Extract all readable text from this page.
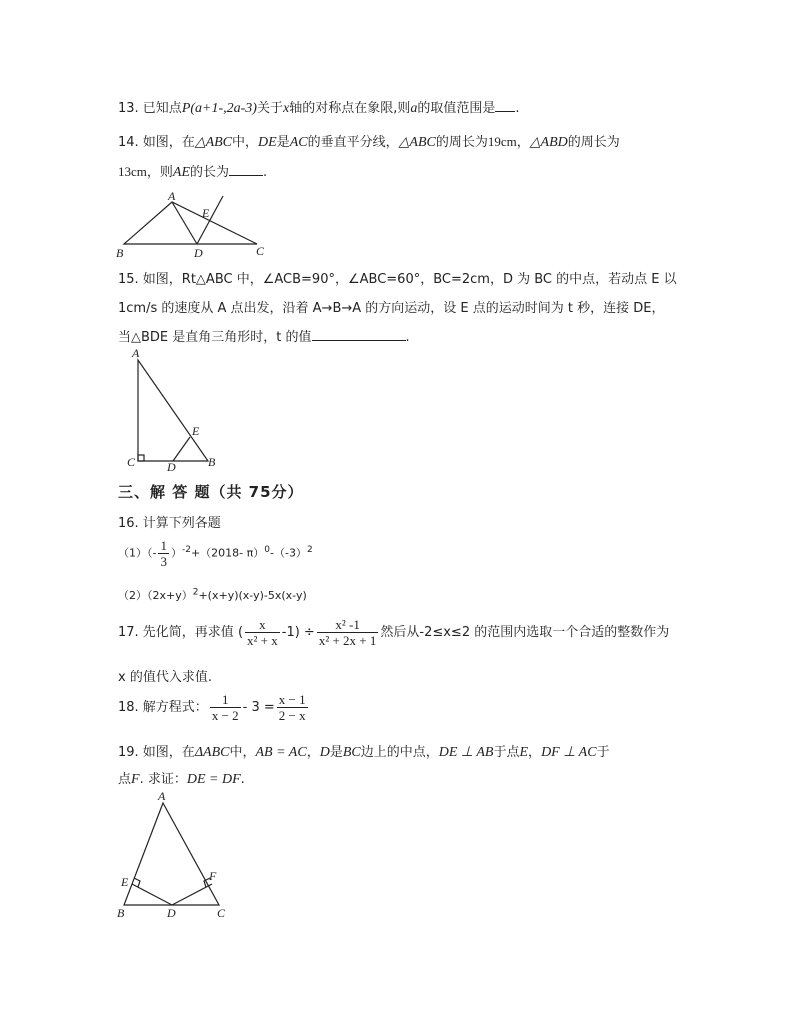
13. 已知点P(a+1-,2a-3)关于x轴的对称点在象限,则a的取值范围是 .
14. 如图，在△ABC中，DE是AC的垂直平分线，△ABC的周长为19cm，△ABD的周长为
13cm，则AE的长为	.
A
E
B	D	C
15. 如图，Rt△ABC 中，∠ACB=90°，∠ABC=60°，BC=2cm，D 为 BC 的中点，若动点 E 以
1cm/s 的速度从 A 点出发，沿着 A→B→A 的方向运动，设 E 点的运动时间为 t 秒，连接 DE，
当△BDE 是直角三角形时，t 的值	.
A
E
C	D	B
三、解 答 题（共 75分）
16. 计算下列各题
$(1)(- \frac{1}{3} )^{-2}+(2018-$ $\pi)^0-(-3)^2$
$(2)(2x+y)^2+(x+y)(x-y)-5x(x-y)$
17. 先化简，再求值 ( $\frac{x}{\text{x² + x}} -1) \div \frac{\text{x² -1}}{\text{x² + 2x + 1}}$ 然后从-2≤x≤2 的范围内选取一个合适的整数作为
x 的值代入求值.
18. 解方程式： $\frac{1}{x - 2} - 3 = \frac{x - 1}{2 - x}$
19. 如图，在ΔABC中，AB = AC，D是BC边上的中点，DE ⊥ AB于点E，DF ⊥ AC于
点F. 求证：DE = DF.
A
E	F
B	D	C
